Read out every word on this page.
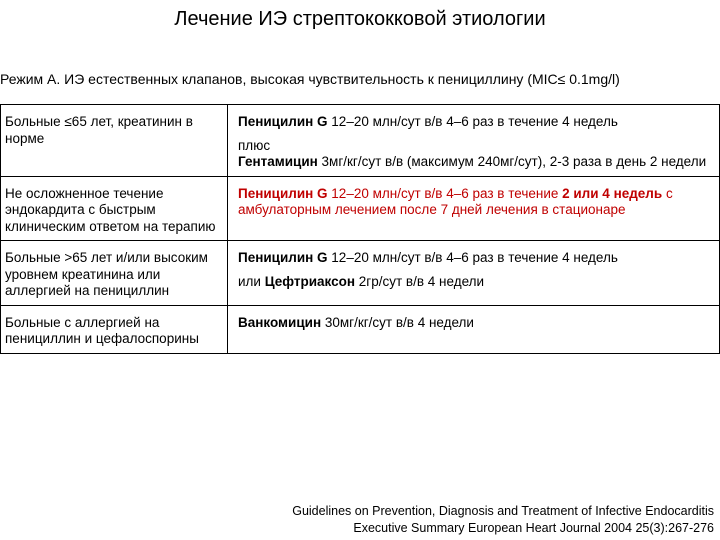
Лечение ИЭ стрептококковой этиологии
Режим А. ИЭ естественных клапанов, высокая чувствительность к пенициллину (MIC≤ 0.1mg/l)
Больные ≤65 лет, креатинин в норме	Пеницилин G 12–20 млн/сут в/в 4–6 раз в течение 4 недель
плюс
Гентамицин 3мг/кг/сут в/в (максимум 240мг/сут), 2-3 раза в день 2 недели

Не осложненное течение эндокардита с быстрым клиническим ответом на терапию	Пеницилин G 12–20 млн/сут в/в 4–6 раз в течение 2 или 4 недель с амбулаторным лечением после 7 дней лечения в стационаре
Больные >65 лет и/или высоким уровнем креатинина или аллергией на пенициллин	Пеницилин G 12–20 млн/сут в/в 4–6 раз в течение 4 недель
или Цефтриаксон 2гр/сут в/в 4 недели

Больные с аллергией на пенициллин и цефалоспорины	Ванкомицин 30мг/кг/сут в/в 4 недели
Guidelines on Prevention, Diagnosis and Treatment of Infective Endocarditis
Executive Summary European Heart Journal 2004 25(3):267-276
